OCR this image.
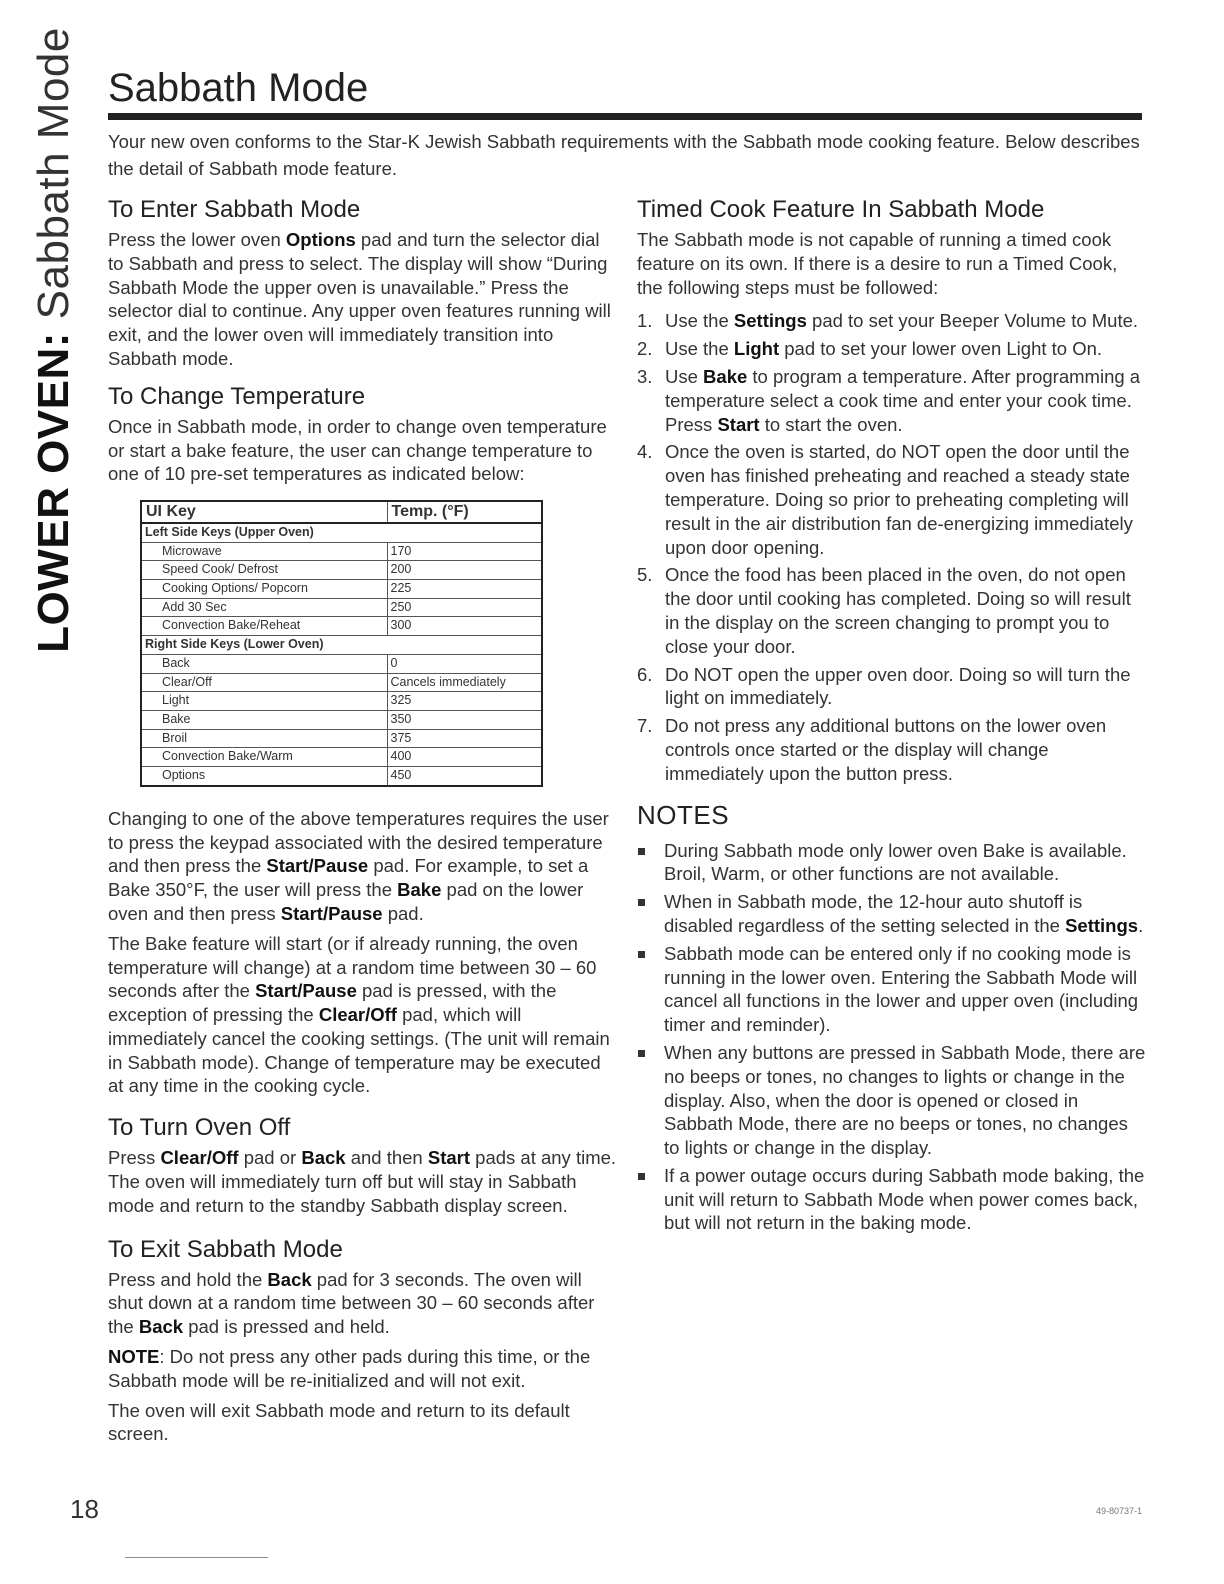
LOWER OVEN: Sabbath Mode Sabbath Mode

Your new oven conforms to the Star-K Jewish Sabbath requirements with the Sabbath mode cooking feature. Below describes the detail of Sabbath mode feature.

To Enter Sabbath Mode

Press the lower oven Options pad and turn the selector dial to Sabbath and press to select. The display will show “During Sabbath Mode the upper oven is unavailable.” Press the selector dial to continue. Any upper oven features running will exit, and the lower oven will immediately transition into Sabbath mode.

To Change Temperature

Once in Sabbath mode, in order to change oven temperature or start a bake feature, the user can change temperature to one of 10 pre-set temperatures as indicated below:

UI Key	Temp. (°F)
Left Side Keys (Upper Oven)	
Microwave	170
Speed Cook/ Defrost	200
Cooking Options/ Popcorn	225
Add 30 Sec	250
Convection Bake/Reheat	300
Right Side Keys (Lower Oven)	
Back	0
Clear/Off	Cancels immediately
Light	325
Bake	350
Broil	375
Convection Bake/Warm	400
Options	450

Changing to one of the above temperatures requires the user to press the keypad associated with the desired temperature and then press the Start/Pause pad. For example, to set a Bake 350°F, the user will press the Bake pad on the lower oven and then press Start/Pause pad.

The Bake feature will start (or if already running, the oven temperature will change) at a random time between 30 – 60 seconds after the Start/Pause pad is pressed, with the exception of pressing the Clear/Off pad, which will immediately cancel the cooking settings. (The unit will remain in Sabbath mode). Change of temperature may be executed at any time in the cooking cycle.

To Turn Oven Off

Press Clear/Off pad or Back and then Start pads at any time. The oven will immediately turn off but will stay in Sabbath mode and return to the standby Sabbath display screen.

To Exit Sabbath Mode

Press and hold the Back pad for 3 seconds. The oven will shut down at a random time between 30 – 60 seconds after the Back pad is pressed and held.

NOTE: Do not press any other pads during this time, or the Sabbath mode will be re-initialized and will not exit.

The oven will exit Sabbath mode and return to its default screen.

Timed Cook Feature In Sabbath Mode

The Sabbath mode is not capable of running a timed cook feature on its own. If there is a desire to run a Timed Cook, the following steps must be followed:

1. Use the Settings pad to set your Beeper Volume to Mute.
2. Use the Light pad to set your lower oven Light to On.
3. Use Bake to program a temperature. After programming a temperature select a cook time and enter your cook time. Press Start to start the oven.
4. Once the oven is started, do NOT open the door until the oven has finished preheating and reached a steady state temperature. Doing so prior to preheating completing will result in the air distribution fan de-energizing immediately upon door opening.
5. Once the food has been placed in the oven, do not open the door until cooking has completed. Doing so will result in the display on the screen changing to prompt you to close your door.
6. Do NOT open the upper oven door. Doing so will turn the light on immediately.
7. Do not press any additional buttons on the lower oven controls once started or the display will change immediately upon the button press.
NOTES
During Sabbath mode only lower oven Bake is available. Broil, Warm, or other functions are not available.
When in Sabbath mode, the 12-hour auto shutoff is disabled regardless of the setting selected in the Settings.
Sabbath mode can be entered only if no cooking mode is running in the lower oven. Entering the Sabbath Mode will cancel all functions in the lower and upper oven (including timer and reminder).
When any buttons are pressed in Sabbath Mode, there are no beeps or tones, no changes to lights or change in the display. Also, when the door is opened or closed in Sabbath Mode, there are no beeps or tones, no changes to lights or change in the display.
If a power outage occurs during Sabbath mode baking, the unit will return to Sabbath Mode when power comes back, but will not return in the baking mode.
18	49-80737-1
